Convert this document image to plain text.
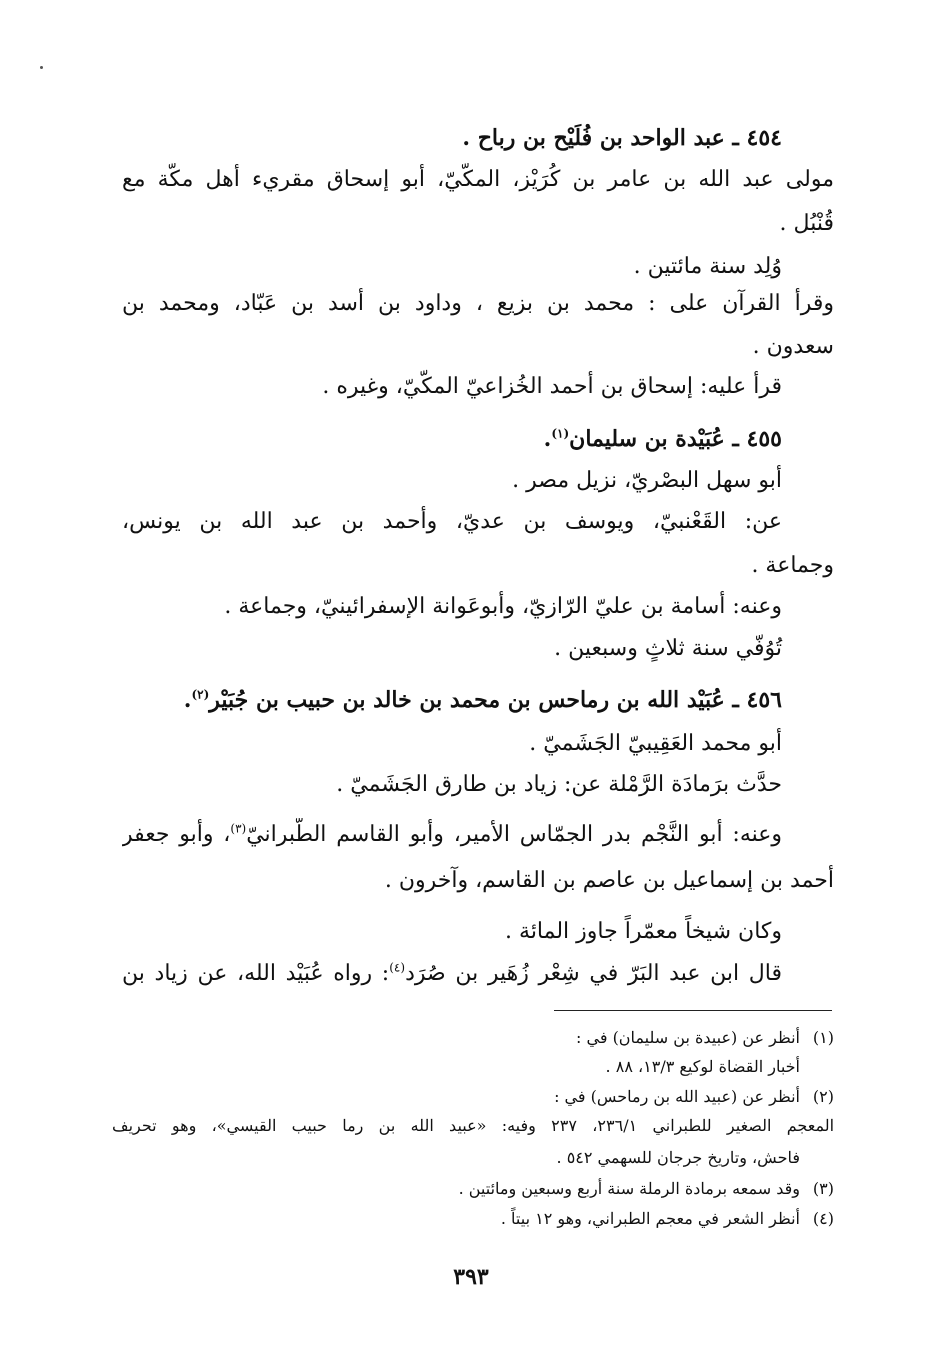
٤٥٤ ـ عبد الواحد بن فُلَيْح بن رباح .
مولى عبد الله بن عامر بن كُرَيْز، المكّيّ، أبو إسحاق مقريء أهل مكّة مع
قُنْبُل .
وُلِد سنة مائتين .
وقرأ القرآن على : محمد بن بزيع ، وداود بن أسد بن عَبّاد، ومحمد بن
سعدون .
قرأ عليه: إسحاق بن أحمد الخُزاعيّ المكّيّ، وغيره .
٤٥٥ ـ عُبَيْدة بن سليمان$^{(١)}$.
أبو سهل البصْريّ، نزيل مصر .
عن: القَعْنبيّ، ويوسف بن عديّ، وأحمد بن عبد الله بن يونس،
وجماعة .
وعنه: أسامة بن عليّ الرّازيّ، وأبوعَوانة الإسفرائينيّ، وجماعة .
تُوُفّي سنة ثلاثٍ وسبعين .
٤٥٦ ـ عُبَيْد الله بن رماحس بن محمد بن خالد بن حبيب بن جُبَيْر$^{(٢)}$.
أبو محمد العَقِيبيّ الجَشَميّ .
حدَّث برَمادَة الرَّمْلة عن: زياد بن طارق الجَشَميّ .
وعنه: أبو النَّجْم بدر الجمّاس الأمير، وأبو القاسم الطّبرانيّ$^{(٣)}$، وأبو جعفر
أحمد بن إسماعيل بن عاصم بن القاسم، وآخرون .
وكان شيخاً معمّراً جاوز المائة .
قال ابن عبد البَرّ في شِعْر زُهَير بن صُرَد$^{(٤)}$: رواه عُبَيْد الله، عن زياد بن
(١)أنظر عن (عبيدة بن سليمان) في :
أخبار القضاة لوكيع ١٣/٣، ٨٨ .
(٢)أنظر عن (عبيد الله بن رماحس) في :
المعجم الصغير للطبراني ٢٣٦/١، ٢٣٧ وفيه: «عبيد الله بن رما حبيب القيسي»، وهو تحريف
فاحش، وتاريخ جرجان للسهمي ٥٤٢ .
(٣)وقد سمعه برمادة الرملة سنة أربع وسبعين ومائتين .
(٤)أنظر الشعر في معجم الطبراني، وهو ١٢ بيتاً .
٣٩٣
